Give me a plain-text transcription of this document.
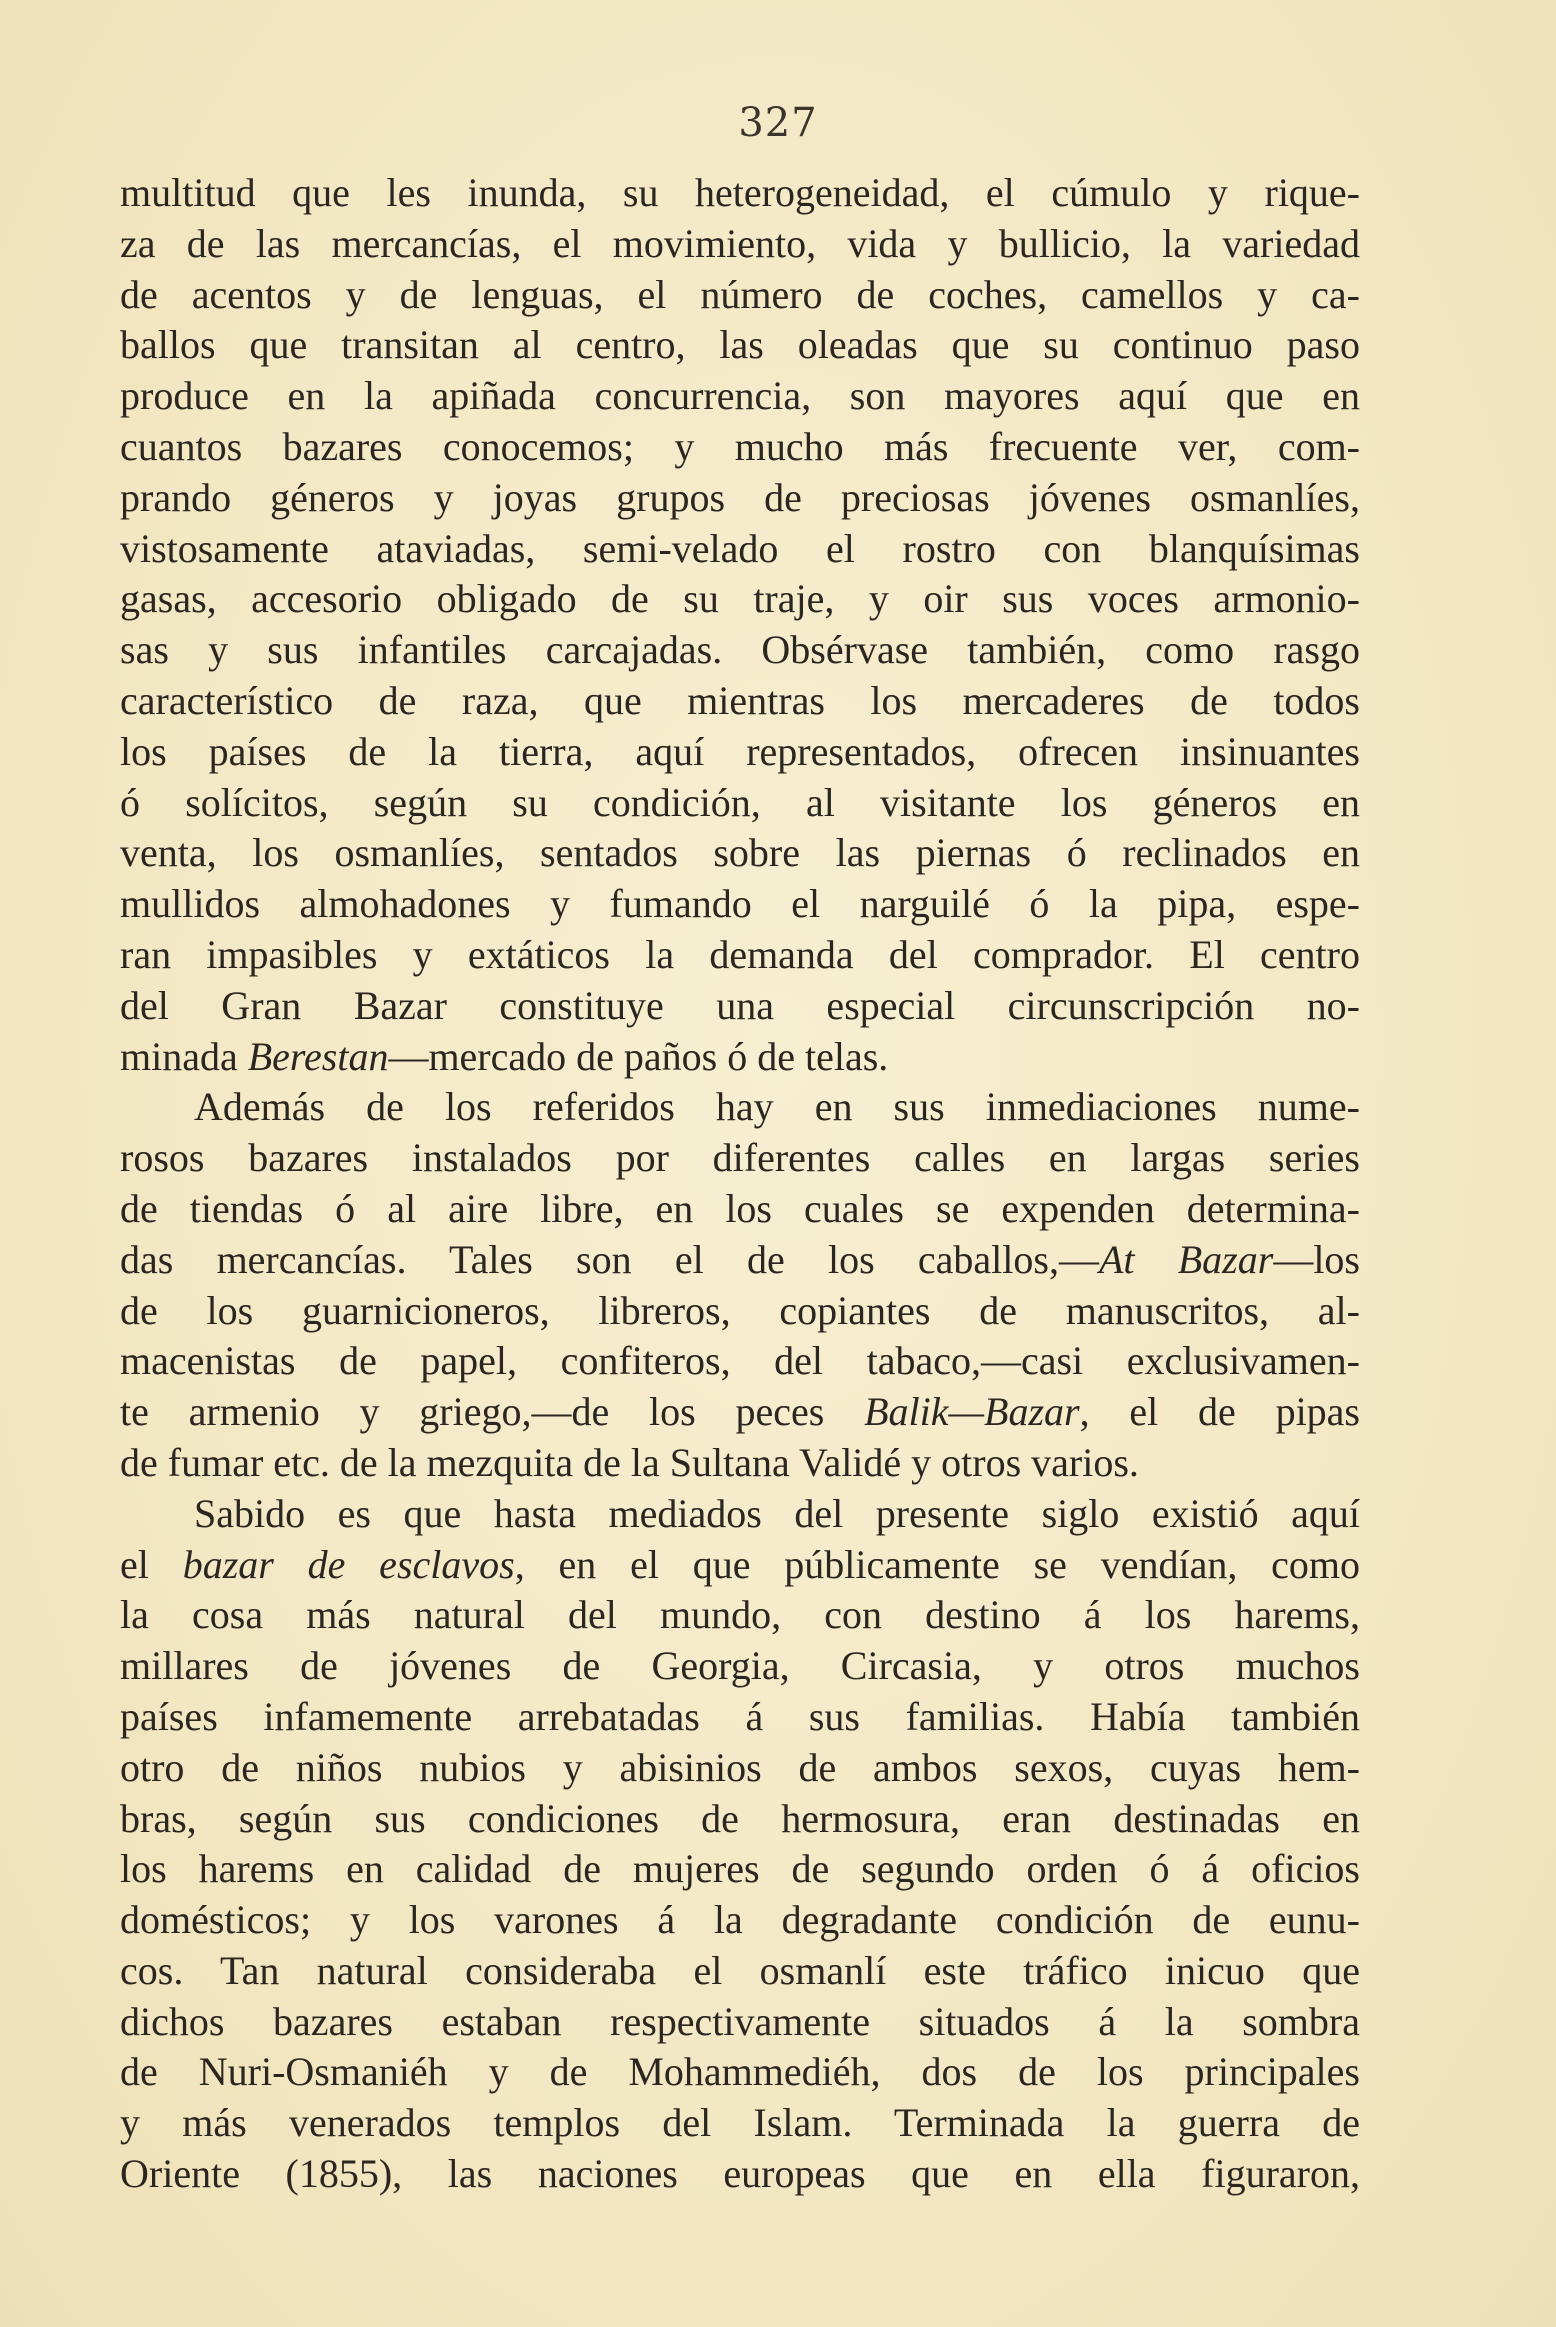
327
multitud que les inunda, su heterogeneidad, el cúmulo y rique-
za de las mercancías, el movimiento, vida y bullicio, la variedad
de acentos y de lenguas, el número de coches, camellos y ca-
ballos que transitan al centro, las oleadas que su continuo paso
produce en la apiñada concurrencia, son mayores aquí que en
cuantos bazares conocemos; y mucho más frecuente ver, com-
prando géneros y joyas grupos de preciosas jóvenes osmanlíes,
vistosamente ataviadas, semi-velado el rostro con blanquísimas
gasas, accesorio obligado de su traje, y oir sus voces armonio-
sas y sus infantiles carcajadas. Obsérvase también, como rasgo
característico de raza, que mientras los mercaderes de todos
los países de la tierra, aquí representados, ofrecen insinuantes
ó solícitos, según su condición, al visitante los géneros en
venta, los osmanlíes, sentados sobre las piernas ó reclinados en
mullidos almohadones y fumando el narguilé ó la pipa, espe-
ran impasibles y extáticos la demanda del comprador. El centro
del Gran Bazar constituye una especial circunscripción no-
minada Berestan—mercado de paños ó de telas.
Además de los referidos hay en sus inmediaciones nume-
rosos bazares instalados por diferentes calles en largas series
de tiendas ó al aire libre, en los cuales se expenden determina-
das mercancías. Tales son el de los caballos,—At Bazar—los
de los guarnicioneros, libreros, copiantes de manuscritos, al-
macenistas de papel, confiteros, del tabaco,—casi exclusivamen-
te armenio y griego,—de los peces Balik—Bazar, el de pipas
de fumar etc. de la mezquita de la Sultana Validé y otros varios.
Sabido es que hasta mediados del presente siglo existió aquí
el bazar de esclavos, en el que públicamente se vendían, como
la cosa más natural del mundo, con destino á los harems,
millares de jóvenes de Georgia, Circasia, y otros muchos
países infamemente arrebatadas á sus familias. Había también
otro de niños nubios y abisinios de ambos sexos, cuyas hem-
bras, según sus condiciones de hermosura, eran destinadas en
los harems en calidad de mujeres de segundo orden ó á oficios
domésticos; y los varones á la degradante condición de eunu-
cos. Tan natural consideraba el osmanlí este tráfico inicuo que
dichos bazares estaban respectivamente situados á la sombra
de Nuri-Osmaniéh y de Mohammediéh, dos de los principales
y más venerados templos del Islam. Terminada la guerra de
Oriente (1855), las naciones europeas que en ella figuraron,
